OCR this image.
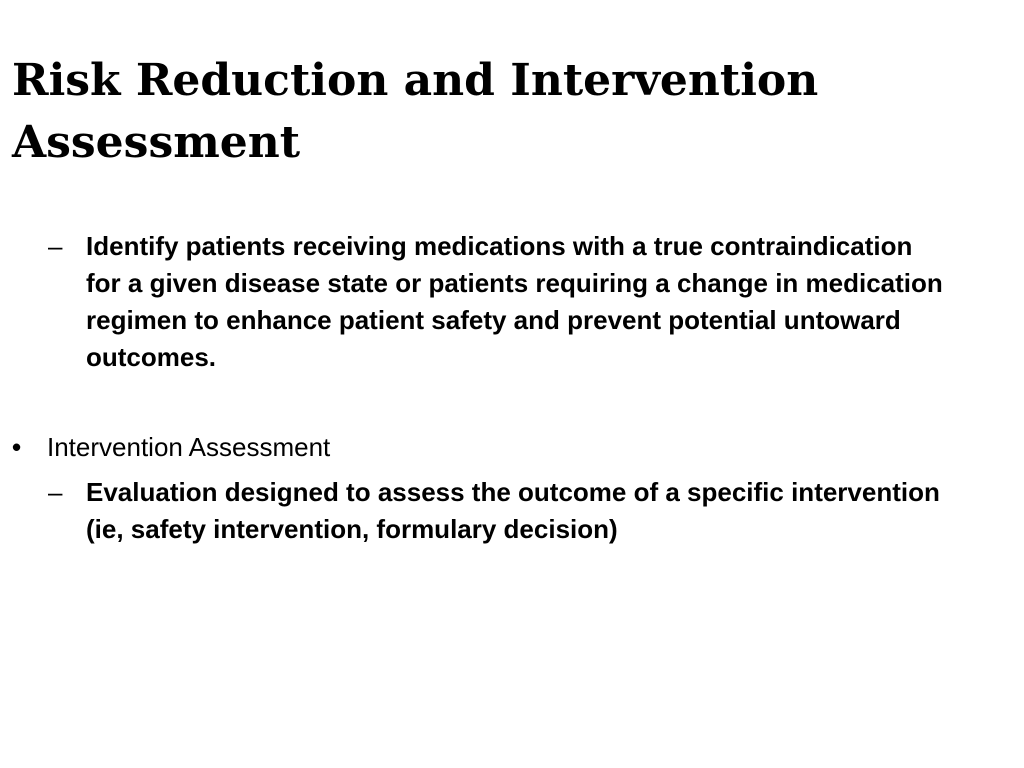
Risk Reduction and Intervention Assessment
– Identify patients receiving medications with a true contraindication for a given disease state or patients requiring a change in medication regimen to enhance patient safety and prevent potential untoward outcomes.
• Intervention Assessment
– Evaluation designed to assess the outcome of a specific intervention (ie, safety intervention, formulary decision)
